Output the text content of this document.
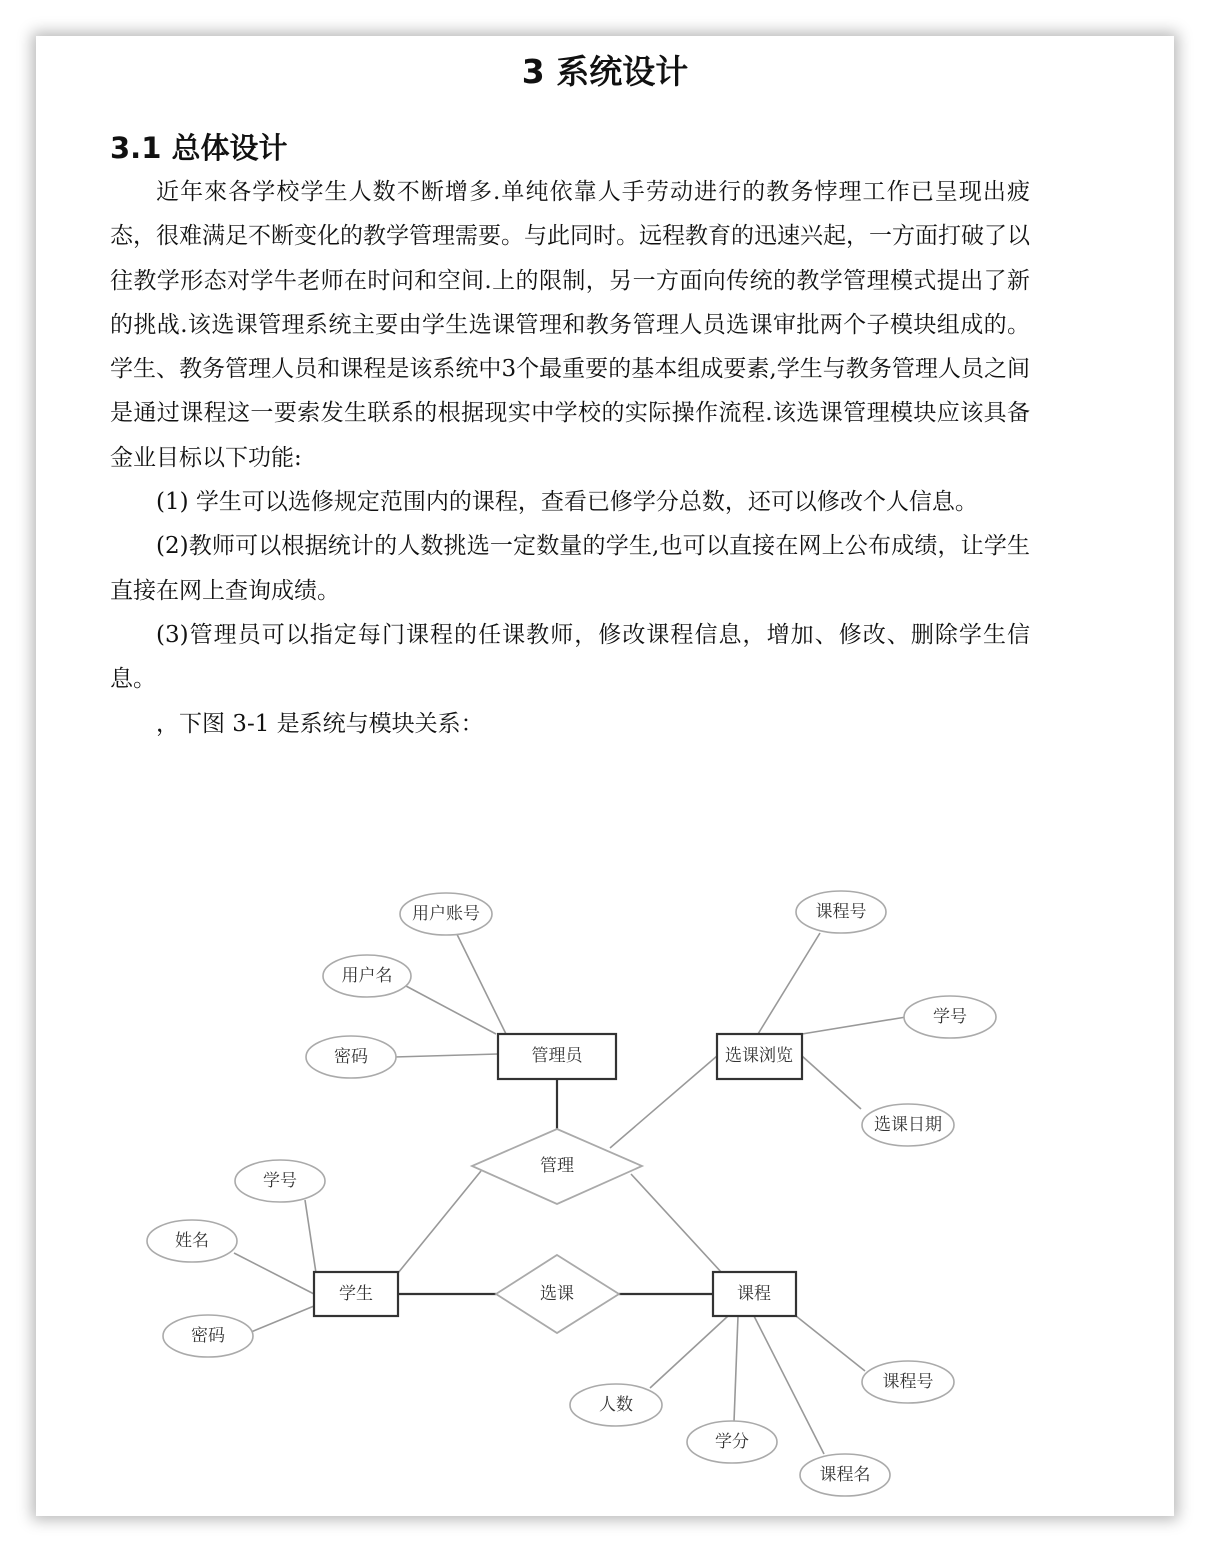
3 系统设计
3.1 总体设计

近年來各学校学生人数不断增多.单纯依靠人手劳动进行的教务悖理工作已呈现出疲态，很难满足不断变化的教学管理需要。与此同时。远程教育的迅速兴起，一方面打破了以往教学形态对学牛老师在时问和空间.上的限制，另一方面向传统的教学管理模式提出了新的挑战.该选课管理系统主要由学生选课管理和教务管理人员选课审批两个子模块组成的。学生、教务管理人员和课程是该系统中3个最重要的基本组成要素,学生与教务管理人员之间是通过课程这一要索发生联系的根据现实中学校的实际操作流程.该选课管理模块应该具备金业目标以下功能:

(1) 学生可以选修规定范围内的课程，查看已修学分总数，还可以修改个人信息。

(2)教师可以根据统计的人数挑选一定数量的学生,也可以直接在网上公布成绩，让学生直接在网上查询成绩。

(3)管理员可以指定每门课程的任课教师，修改课程信息，增加、修改、删除学生信息。

，下图 3-1 是系统与模块关系：

管理员	选课浏览
学生	课程
管理
选课
用户账号
用户名
密码
课程号
学号
选课日期
学号
姓名
密码
人数
学分
课程名
课程号
